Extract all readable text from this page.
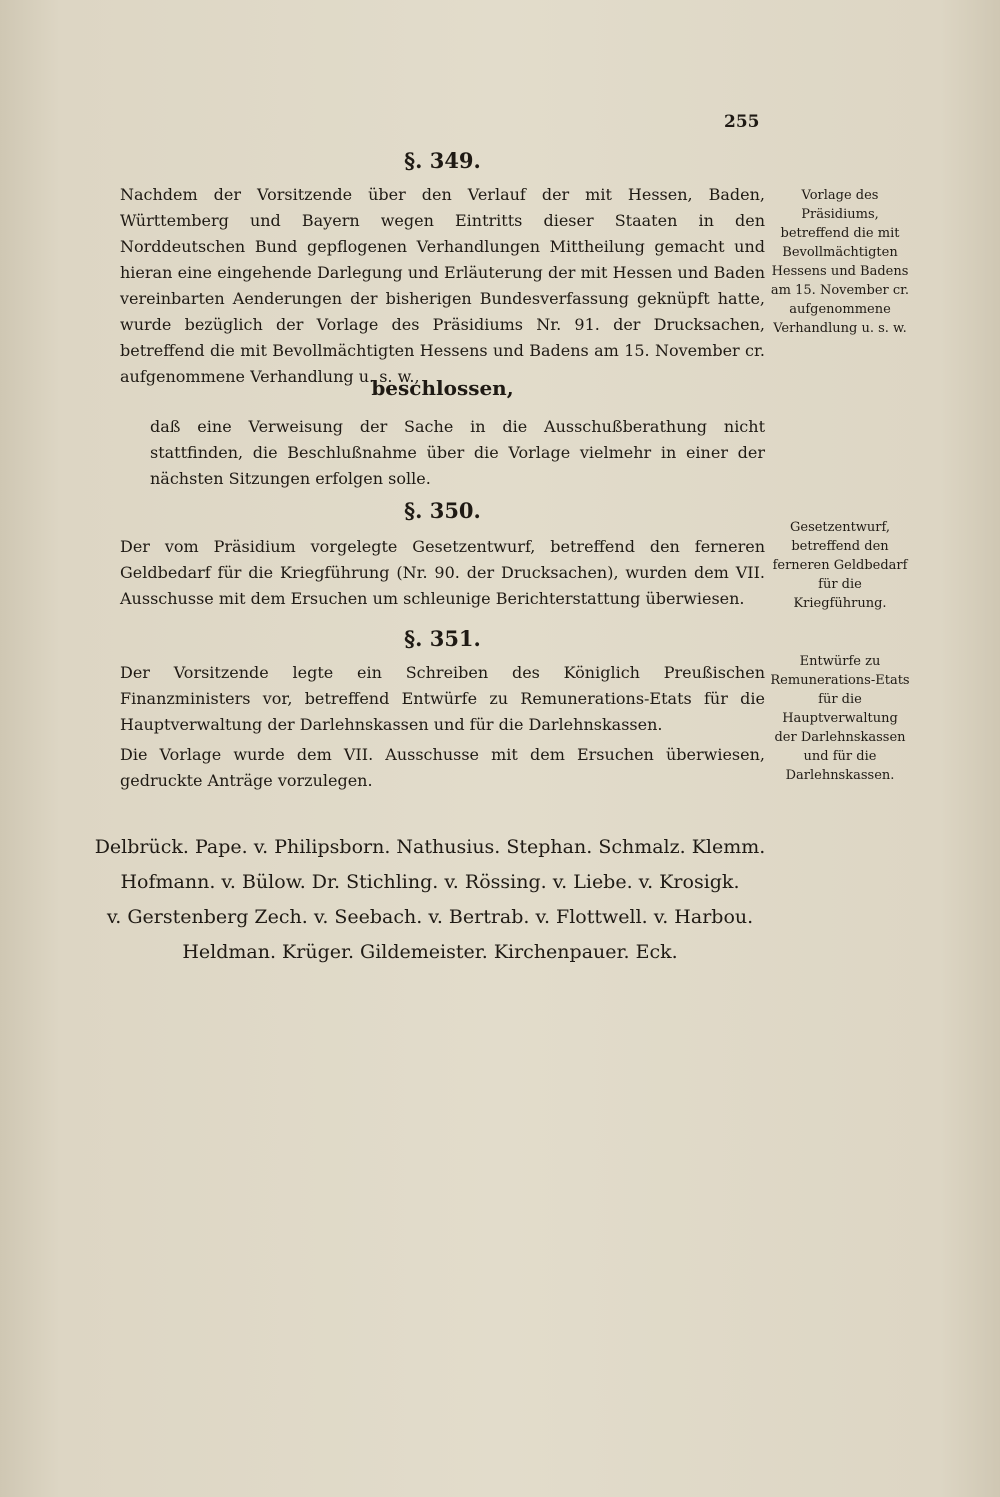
255
§. 349.

Nachdem der Vorsitzende über den Verlauf der mit Hessen, Baden, Württemberg und Bayern wegen Eintritts dieser Staaten in den Norddeutschen Bund gepflogenen Verhandlungen Mittheilung gemacht und hieran eine eingehende Darlegung und Erläuterung der mit Hessen und Baden vereinbarten Aenderungen der bisherigen Bundesverfassung geknüpft hatte, wurde bezüglich der Vorlage des Präsidiums Nr. 91. der Drucksachen, betreffend die mit Bevollmächtigten Hessens und Badens am 15. November cr. aufgenommene Verhandlung u. s. w.,

Vorlage des Präsidiums, betreffend die mit Bevollmächtigten Hessens und Badens am 15. November cr. aufgenommene Verhandlung u. s. w.

beschlossen,

daß eine Verweisung der Sache in die Ausschußberathung nicht stattfinden, die Beschlußnahme über die Vorlage vielmehr in einer der nächsten Sitzungen erfolgen solle.

§. 350.

Der vom Präsidium vorgelegte Gesetzentwurf, betreffend den ferneren Geldbedarf für die Kriegführung (Nr. 90. der Drucksachen), wurden dem VII. Ausschusse mit dem Ersuchen um schleunige Berichterstattung überwiesen.

Gesetzentwurf, betreffend den ferneren Geldbedarf für die Kriegführung.

§. 351.

Der Vorsitzende legte ein Schreiben des Königlich Preußischen Finanzministers vor, betreffend Entwürfe zu Remunerations-Etats für die Hauptverwaltung der Darlehnskassen und für die Darlehnskassen.

Die Vorlage wurde dem VII. Ausschusse mit dem Ersuchen überwiesen, gedruckte Anträge vorzulegen.

Entwürfe zu Remunerations-Etats für die Hauptverwaltung der Darlehnskassen und für die Darlehnskassen.

Delbrück. Pape. v. Philipsborn. Nathusius. Stephan. Schmalz. Klemm.
Hofmann. v. Bülow. Dr. Stichling. v. Rössing. v. Liebe. v. Krosigk.
v. Gerstenberg Zech. v. Seebach. v. Bertrab. v. Flottwell. v. Harbou.
Heldman. Krüger. Gildemeister. Kirchenpauer. Eck.
